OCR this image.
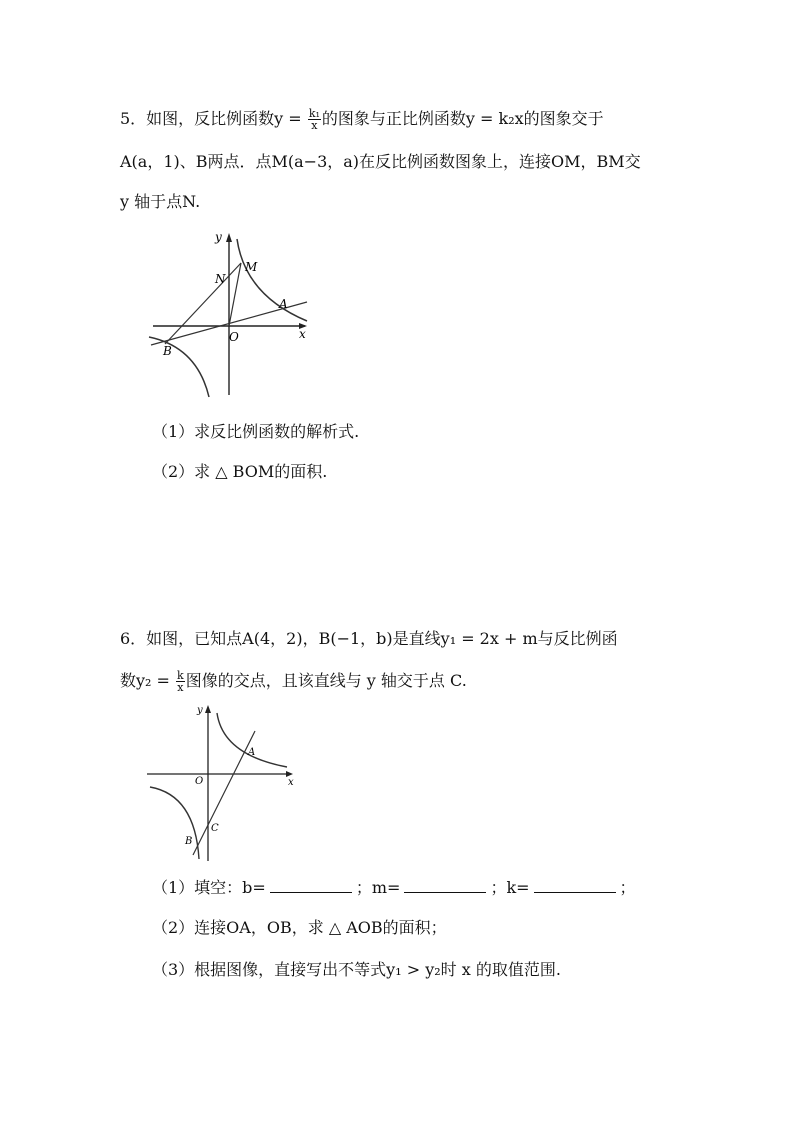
5．如图，反比例函数$y = \frac{\text{k₁}}{x}$ 的图象与正比例函数y = k₂x的图象交于
A(a，1)、B两点．点M(a−3，a)在反比例函数图象上，连接OM，BM交
y 轴于点N.
y
x
O
N
M
A
B
（1）求反比例函数的解析式.
（2）求 △ BOM的面积.
6．如图，已知点A(4，2)，B(−1，b)是直线y₁ = 2x + m与反比例函
数$y_2 = \frac{k}{x}$ 图像的交点，且该直线与 y 轴交于点 C.
y
x
O
A
B
C
（1）填空：b=	；m=	；k=	；
（2）连接OA，OB，求 △ AOB的面积；
（3）根据图像，直接写出不等式y₁ > y₂时 x 的取值范围.
